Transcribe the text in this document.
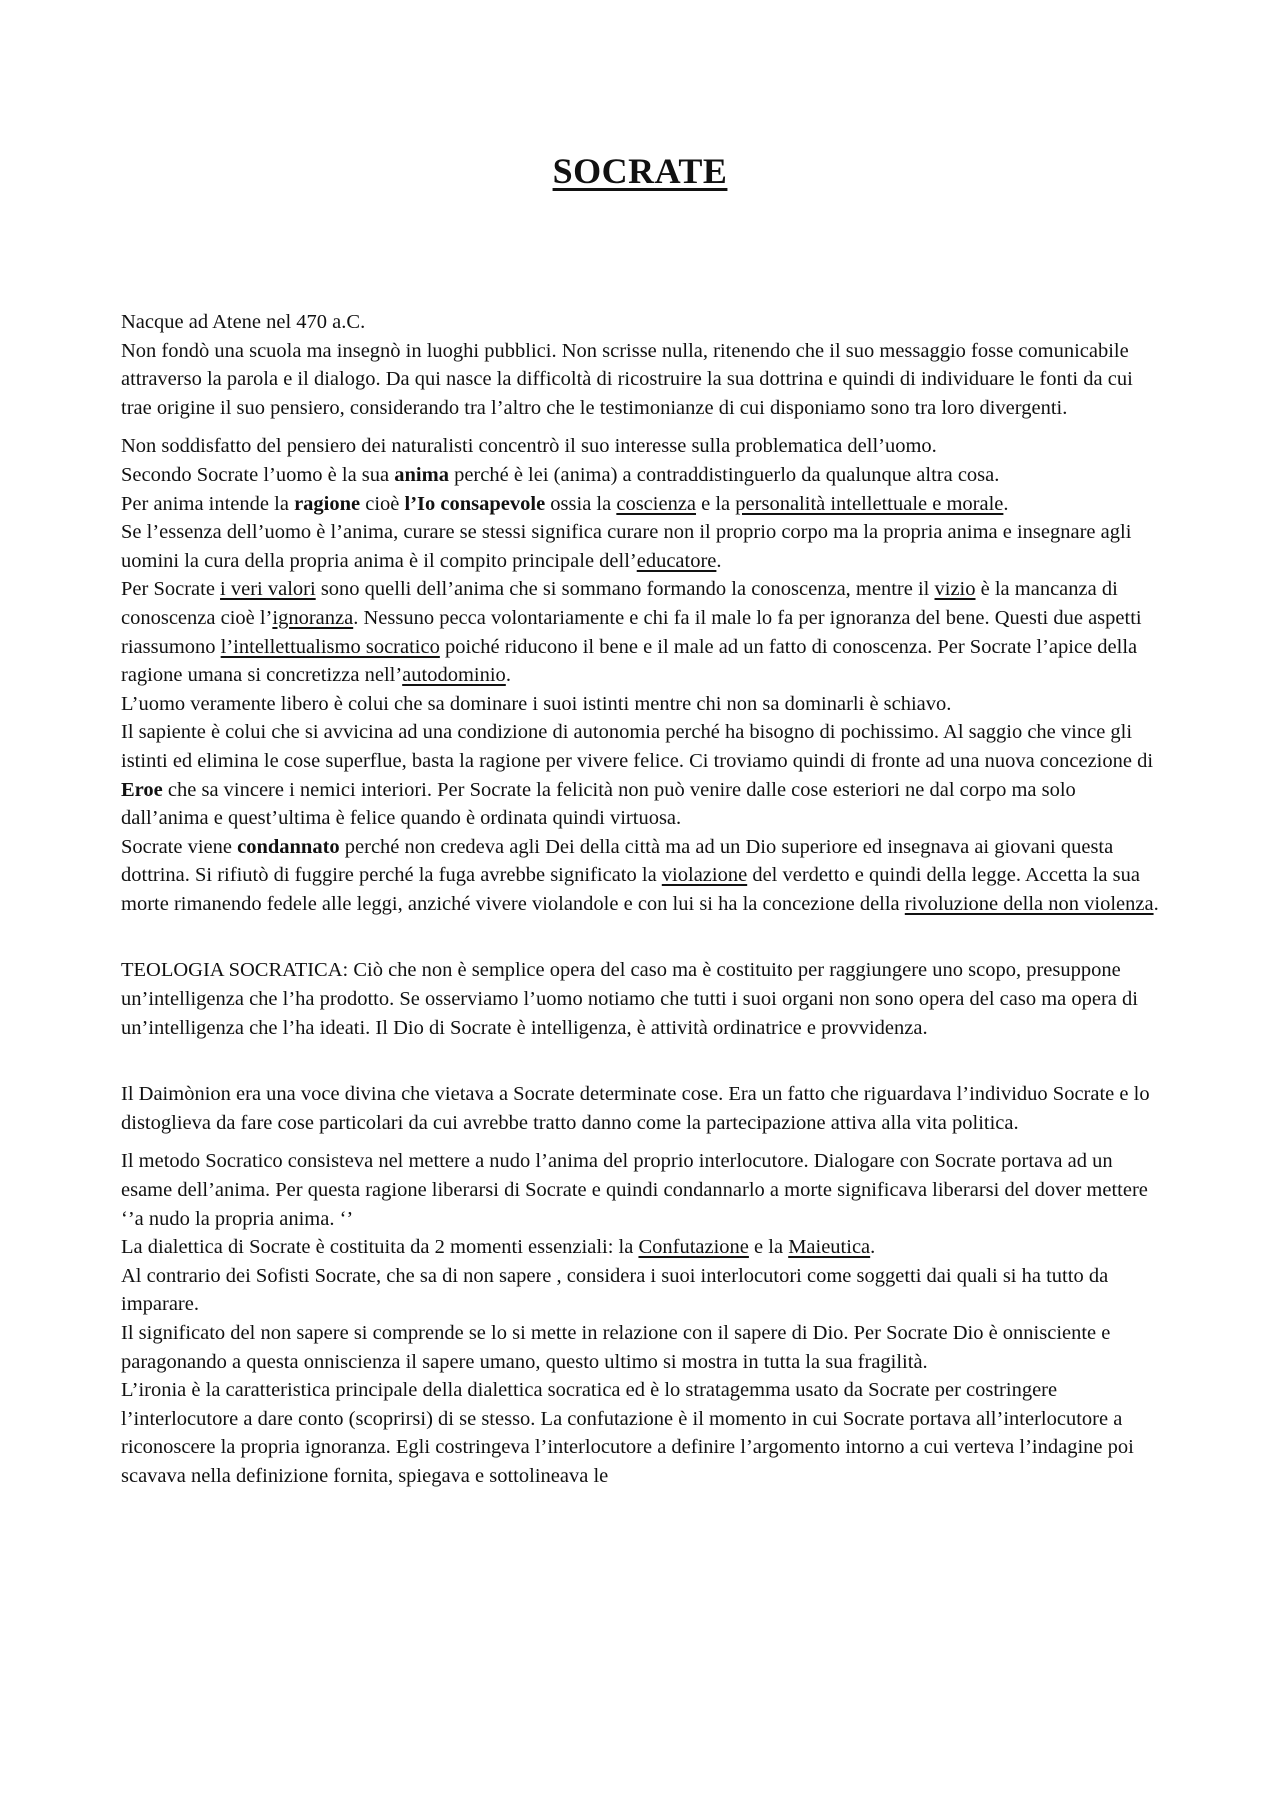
SOCRATE

Nacque ad Atene nel 470 a.C.

Non fondò una scuola ma insegnò in luoghi pubblici. Non scrisse nulla, ritenendo che il suo messaggio fosse comunicabile attraverso la parola e il dialogo. Da qui nasce la difficoltà di ricostruire la sua dottrina e quindi di individuare le fonti da cui trae origine il suo pensiero, considerando tra l’altro che le testimonianze di cui disponiamo sono tra loro divergenti.

Non soddisfatto del pensiero dei naturalisti concentrò il suo interesse sulla problematica dell’uomo.

Secondo Socrate l’uomo è la sua anima perché è lei (anima) a contraddistinguerlo da qualunque altra cosa.

Per anima intende la ragione cioè l’Io consapevole ossia la coscienza e la personalità intellettuale e morale.

Se l’essenza dell’uomo è l’anima, curare se stessi significa curare non il proprio corpo ma la propria anima e insegnare agli uomini la cura della propria anima è il compito principale dell’educatore.

Per Socrate i veri valori sono quelli dell’anima che si sommano formando la conoscenza, mentre il vizio è la mancanza di conoscenza cioè l’ignoranza. Nessuno pecca volontariamente e chi fa il male lo fa per ignoranza del bene. Questi due aspetti riassumono l’intellettualismo socratico poiché riducono il bene e il male ad un fatto di conoscenza. Per Socrate l’apice della ragione umana si concretizza nell’autodominio.

L’uomo veramente libero è colui che sa dominare i suoi istinti mentre chi non sa dominarli è schiavo.

Il sapiente è colui che si avvicina ad una condizione di autonomia perché ha bisogno di pochissimo. Al saggio che vince gli istinti ed elimina le cose superflue, basta la ragione per vivere felice. Ci troviamo quindi di fronte ad una nuova concezione di Eroe che sa vincere i nemici interiori. Per Socrate la felicità non può venire dalle cose esteriori ne dal corpo ma solo dall’anima e quest’ultima è felice quando è ordinata quindi virtuosa.

Socrate viene condannato perché non credeva agli Dei della città ma ad un Dio superiore ed insegnava ai giovani questa dottrina. Si rifiutò di fuggire perché la fuga avrebbe significato la violazione del verdetto e quindi della legge. Accetta la sua morte rimanendo fedele alle leggi, anziché vivere violandole e con lui si ha la concezione della rivoluzione della non violenza.

TEOLOGIA SOCRATICA: Ciò che non è semplice opera del caso ma è costituito per raggiungere uno scopo, presuppone un’intelligenza che l’ha prodotto. Se osserviamo l’uomo notiamo che tutti i suoi organi non sono opera del caso ma opera di un’intelligenza che l’ha ideati. Il Dio di Socrate è intelligenza, è attività ordinatrice e provvidenza.

Il Daimònion era una voce divina che vietava a Socrate determinate cose. Era un fatto che riguardava l’individuo Socrate e lo distoglieva da fare cose particolari da cui avrebbe tratto danno come la partecipazione attiva alla vita politica.

Il metodo Socratico consisteva nel mettere a nudo l’anima del proprio interlocutore. Dialogare con Socrate portava ad un esame dell’anima. Per questa ragione liberarsi di Socrate e quindi condannarlo a morte significava liberarsi del dover mettere ‘’a nudo la propria anima. ‘’

La dialettica di Socrate è costituita da 2 momenti essenziali: la Confutazione e la Maieutica.

Al contrario dei Sofisti Socrate, che sa di non sapere , considera i suoi interlocutori come soggetti dai quali si ha tutto da imparare.

Il significato del non sapere si comprende se lo si mette in relazione con il sapere di Dio. Per Socrate Dio è onnisciente e paragonando a questa onniscienza il sapere umano, questo ultimo si mostra in tutta la sua fragilità.

L’ironia è la caratteristica principale della dialettica socratica ed è lo stratagemma usato da Socrate per costringere l’interlocutore a dare conto (scoprirsi) di se stesso. La confutazione è il momento in cui Socrate portava all’interlocutore a riconoscere la propria ignoranza. Egli costringeva l’interlocutore a definire l’argomento intorno a cui verteva l’indagine poi scavava nella definizione fornita, spiegava e sottolineava le
